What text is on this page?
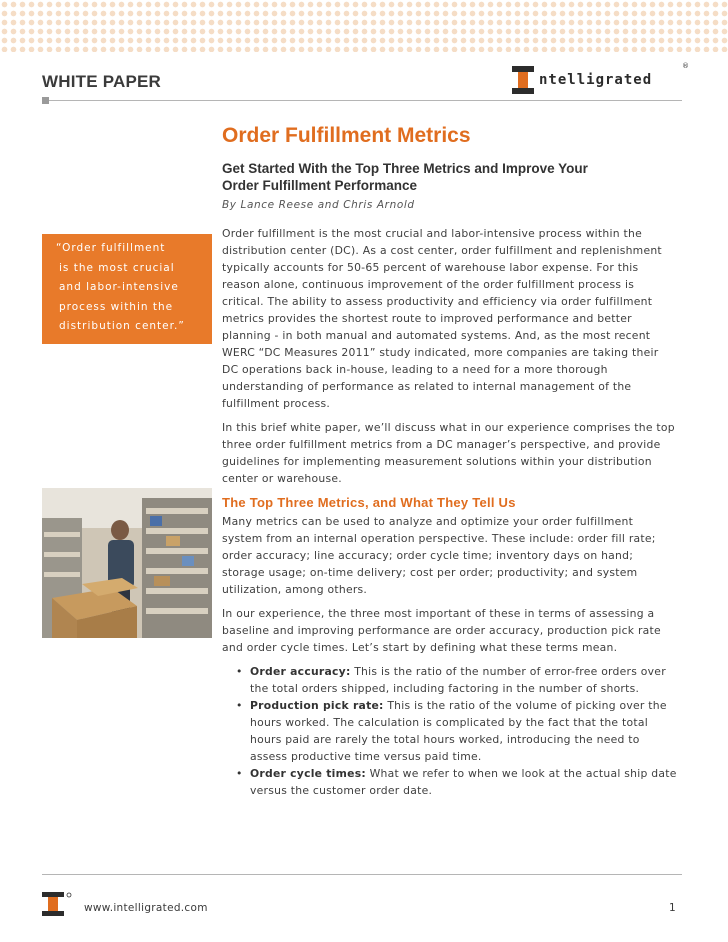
WHITE PAPER	ntelligrated
®
Order Fulfillment Metrics
Get Started With the Top Three Metrics and Improve Your
Order Fulfillment Performance
By Lance Reese and Chris Arnold

Order fulfillment is the most crucial and labor-intensive process within the distribution center (DC). As a cost center, order fulfillment and replenishment typically accounts for 50-65 percent of warehouse labor expense. For this reason alone, continuous improvement of the order fulfillment process is critical. The ability to assess productivity and efficiency via order fulfillment metrics provides the shortest route to improved performance and better planning - in both manual and automated systems. And, as the most recent WERC “DC Measures 2011” study indicated, more companies are taking their DC operations back in-house, leading to a need for a more thorough understanding of performance as related to internal management of the fulfillment process.

In this brief white paper, we’ll discuss what in our experience comprises the top three order fulfillment metrics from a DC manager’s perspective, and provide guidelines for implementing measurement solutions within your distribution center or warehouse.

The Top Three Metrics, and What They Tell Us

Many metrics can be used to analyze and optimize your order fulfillment system from an internal operation perspective. These include: order fill rate; order accuracy; line accuracy; order cycle time; inventory days on hand; storage usage; on-time delivery; cost per order; productivity; and system utilization, among others.

In our experience, the three most important of these in terms of assessing a baseline and improving performance are order accuracy, production pick rate and order cycle times. Let’s start by defining what these terms mean.

• Order accuracy: This is the ratio of the number of error-free orders over the total orders shipped, including factoring in the number of shorts.
• Production pick rate: This is the ratio of the volume of picking over the hours worked. The calculation is complicated by the fact that the total hours paid are rarely the total hours worked, introducing the need to assess productive time versus paid time.
• Order cycle times: What we refer to when we look at the actual ship date versus the customer order date.
“Order fulfillment
is the most crucial
and labor-intensive
process within the
distribution center.”
www.intelligrated.com	1
